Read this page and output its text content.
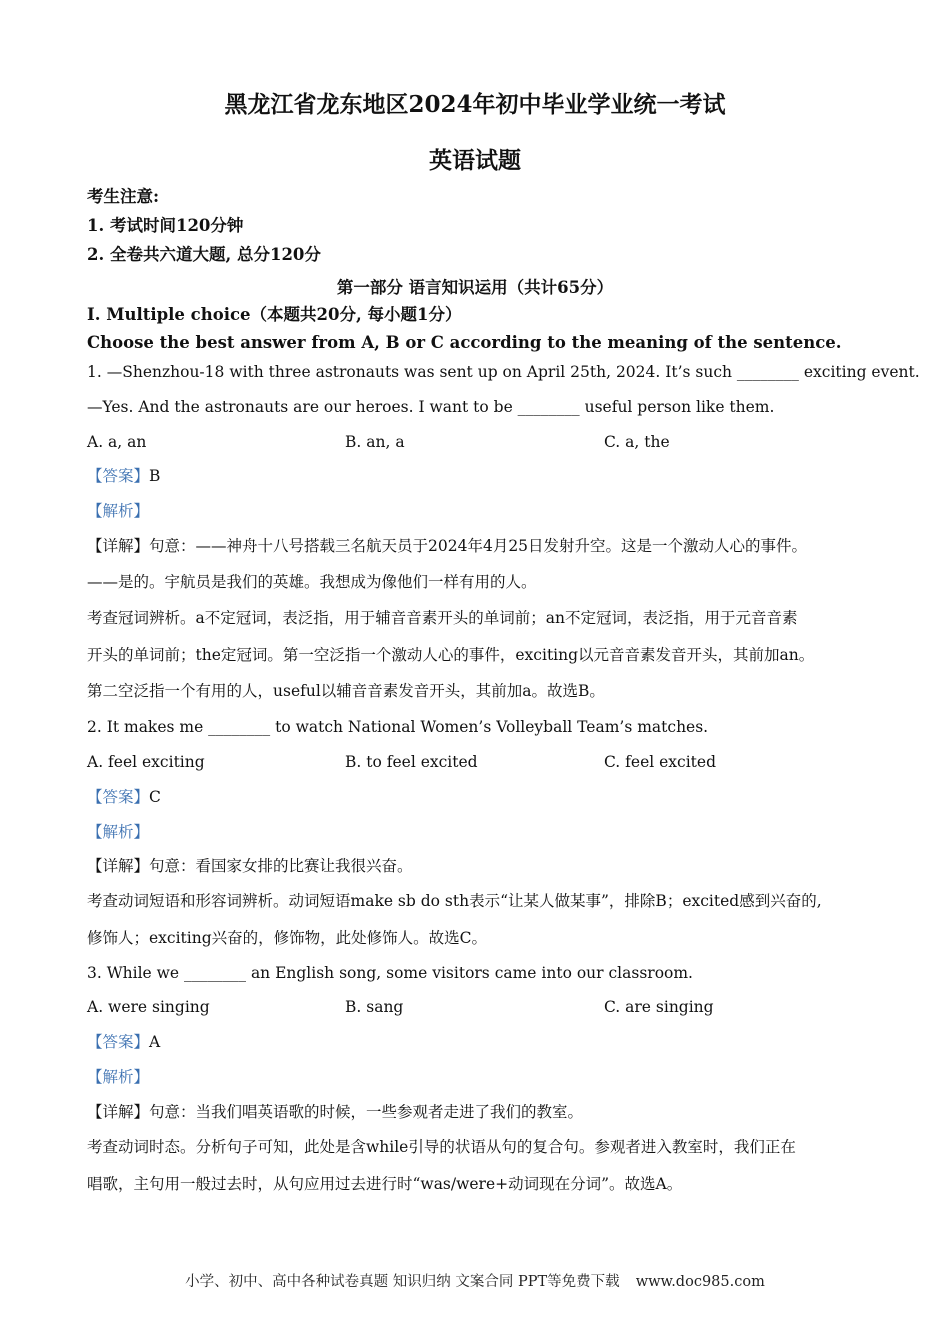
黑龙江省龙东地区2024年初中毕业学业统一考试
英语试题
考生注意:
1. 考试时间120分钟
2. 全卷共六道大题, 总分120分
第一部分 语言知识运用（共计65分）
I. Multiple choice（本题共20分, 每小题1分）
Choose the best answer from A, B or C according to the meaning of the sentence.
1. —Shenzhou-18 with three astronauts was sent up on April 25th, 2024. It’s such ________ exciting event.
—Yes. And the astronauts are our heroes. I want to be ________ useful person like them.
A. a, an	B. an, a	C. a, the
【答案】B
【解析】
【详解】句意：——神舟十八号搭载三名航天员于2024年4月25日发射升空。这是一个激动人心的事件。
——是的。宇航员是我们的英雄。我想成为像他们一样有用的人。
考查冠词辨析。a不定冠词，表泛指，用于辅音音素开头的单词前；an不定冠词，表泛指，用于元音音素
开头的单词前；the定冠词。第一空泛指一个激动人心的事件，exciting以元音音素发音开头，其前加an。
第二空泛指一个有用的人，useful以辅音音素发音开头，其前加a。故选B。
2. It makes me ________ to watch National Women’s Volleyball Team’s matches.
A. feel exciting	B. to feel excited	C. feel excited
【答案】C
【解析】
【详解】句意：看国家女排的比赛让我很兴奋。
考查动词短语和形容词辨析。动词短语make sb do sth表示“让某人做某事”，排除B；excited感到兴奋的,
修饰人；exciting兴奋的，修饰物，此处修饰人。故选C。
3. While we ________ an English song, some visitors came into our classroom.
A. were singing	B. sang	C. are singing
【答案】A
【解析】
【详解】句意：当我们唱英语歌的时候，一些参观者走进了我们的教室。
考查动词时态。分析句子可知，此处是含while引导的状语从句的复合句。参观者进入教室时，我们正在
唱歌，主句用一般过去时，从句应用过去进行时“was/were+动词现在分词”。故选A。
小学、初中、高中各种试卷真题 知识归纳 文案合同 PPT等免费下载 www.doc985.com
